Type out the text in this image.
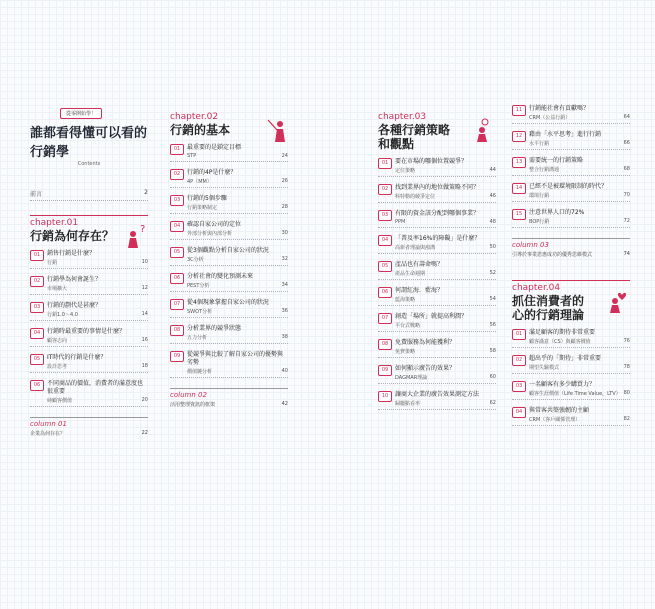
從零開始學！
誰都看得懂可以看的行銷學
Contents
前言	2
chapter.01
行銷為何存在？	?
01	銷售行銷是什麼？
行銷	10
02	行銷學為何會誕生？
市場擴大	12
03	行銷的劃代是甚麼？
行銷1.0～4.0	14
04	行銷時最重要的事情是什麼？
顧客志向	16
05	IT時代的行銷是什麼？
設計思考	18
06	不同商品的價值，消費者的滿意度也很重要
純顧客價值	20
column 01
企業為何存在？	22
chapter.02
行銷的基本
01	最重要的是鎖定目標
STP	24
02	行銷的4P是什麼？
4P（MM）	26
03	行銷的5個步驟
行銷策略制定	28
04	確認自家公司的定位
外部分析與內部分析	30
05	從3個觀點分析自家公司的狀況
3C分析	32
06	分析社會的變化預測未來
PEST分析	34
07	從4個現象掌握自家公司的狀況
SWOT分析	36
08	分析業界的競爭狀態
五力分析	38
09	從競爭與比較了解自家公司的優勢與劣勢
價值鏈分析	40
column 02
活用整理資訊的框架	42
chapter.03
各種行銷策略和觀點
01	要在市場的哪個位置競爭？
定位策略	44
02	找到業界內的地位做策略不同？
科特勒的競爭定位	46
03	有限的資金該分配到哪個事業？
PPM	48
04	「普及率16%的障礙」是什麼？
高新者理論與鴻溝	50
05	產品也有壽命嗎？
產品生命週期	52
06	何謂紅海．藍海？
藍海策略	54
07	創造「場所」就提高利潤？
平台式戰略	56
08	免費服務為何能獲利？
免費策略	58
09	如何顯示廣告的效果？
DAGMAR理論	60
10	讓商大企業的廣告效果測定方法
歸屬點看率	62
11	行銷能社會有貢獻嗎？
CRM（公益行銷）	64
12	藉由「水平思考」進行行銷
水平行銷	66
13	需要統一的行銷策略
整合行銷溝通	68
14	已經不是被環境限制的時代？
環境行銷	70
15	注意世界人口的72%
BOP行銷	72
column 03
引導於事業恩惠成功的優秀思維模式	74
chapter.04
抓住消費者的心的行銷理論
01	滿足顧客的期待非常重要
顧客滿意（CS）與顧客價值	76
02	超出乎的「期待」非常重要
期望失驗模式	78
03	一名顧客有多少購買力？
顧客生涯價值（Life Time Value，LTV） 80
04	與常客共築強韌的主顧
CRM（客戶關係管理）	82
